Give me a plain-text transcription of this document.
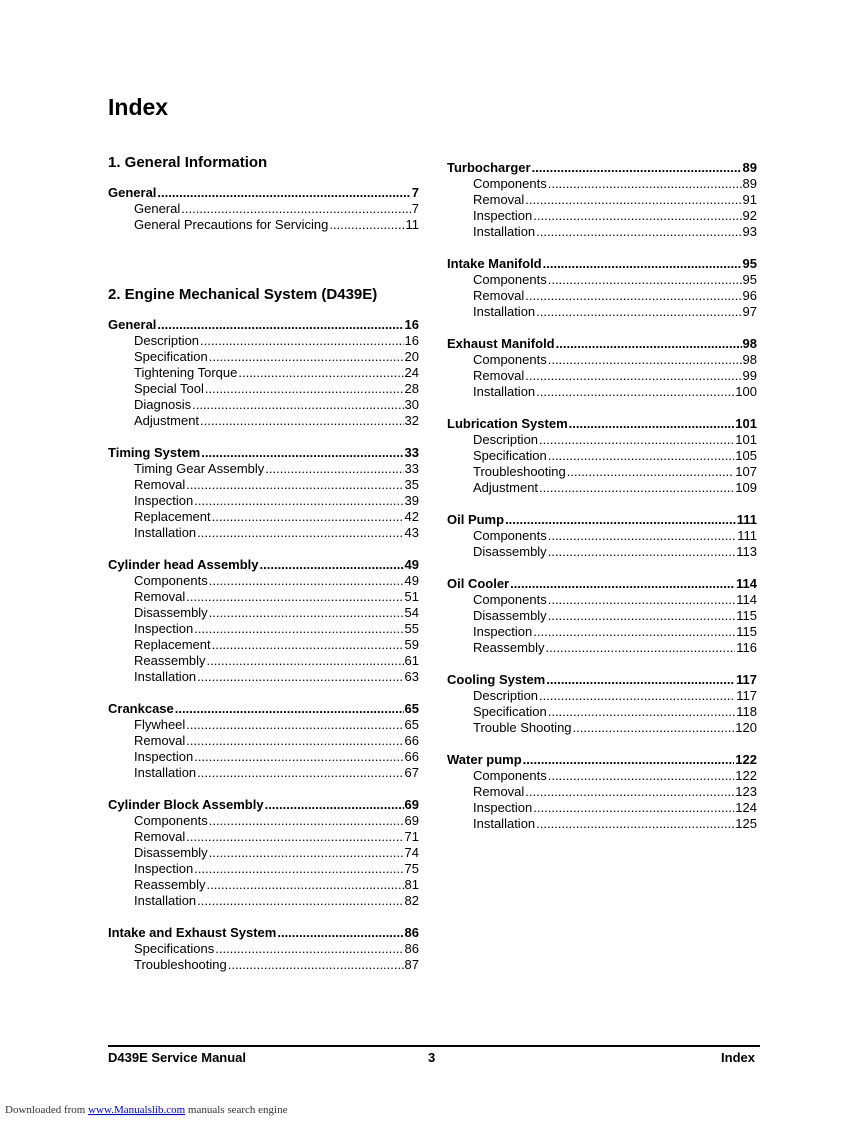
Index
1. General Information
General .....	7
General .....	7
General Precautions for Servicing .....	11
2. Engine Mechanical System (D439E)
General .....	16
Description .....	16
Specification .....	20
Tightening Torque .....	24
Special Tool .....	28
Diagnosis .....	30
Adjustment .....	32
Timing System .....	33
Timing Gear Assembly .....	33
Removal .....	35
Inspection .....	39
Replacement .....	42
Installation .....	43
Cylinder head Assembly .....	49
Components .....	49
Removal .....	51
Disassembly .....	54
Inspection .....	55
Replacement .....	59
Reassembly .....	61
Installation .....	63
Crankcase .....	65
Flywheel .....	65
Removal .....	66
Inspection .....	66
Installation .....	67
Cylinder Block Assembly .....	69
Components .....	69
Removal .....	71
Disassembly .....	74
Inspection .....	75
Reassembly .....	81
Installation .....	82
Intake and Exhaust System .....	86
Specifications .....	86
Troubleshooting .....	87
Turbocharger .....	89
Components .....	89
Removal .....	91
Inspection .....	92
Installation .....	93
Intake Manifold .....	95
Components .....	95
Removal .....	96
Installation .....	97
Exhaust Manifold .....	98
Components .....	98
Removal .....	99
Installation .....	100
Lubrication System .....	101
Description .....	101
Specification .....	105
Troubleshooting .....	107
Adjustment .....	109
Oil Pump .....	111
Components .....	111
Disassembly .....	113
Oil Cooler .....	114
Components .....	114
Disassembly .....	115
Inspection .....	115
Reassembly .....	116
Cooling System .....	117
Description .....	117
Specification .....	118
Trouble Shooting .....	120
Water pump .....	122
Components .....	122
Removal .....	123
Inspection .....	124
Installation .....	125
D439E Service Manual	3	Index
Downloaded from www.Manualslib.com manuals search engine
